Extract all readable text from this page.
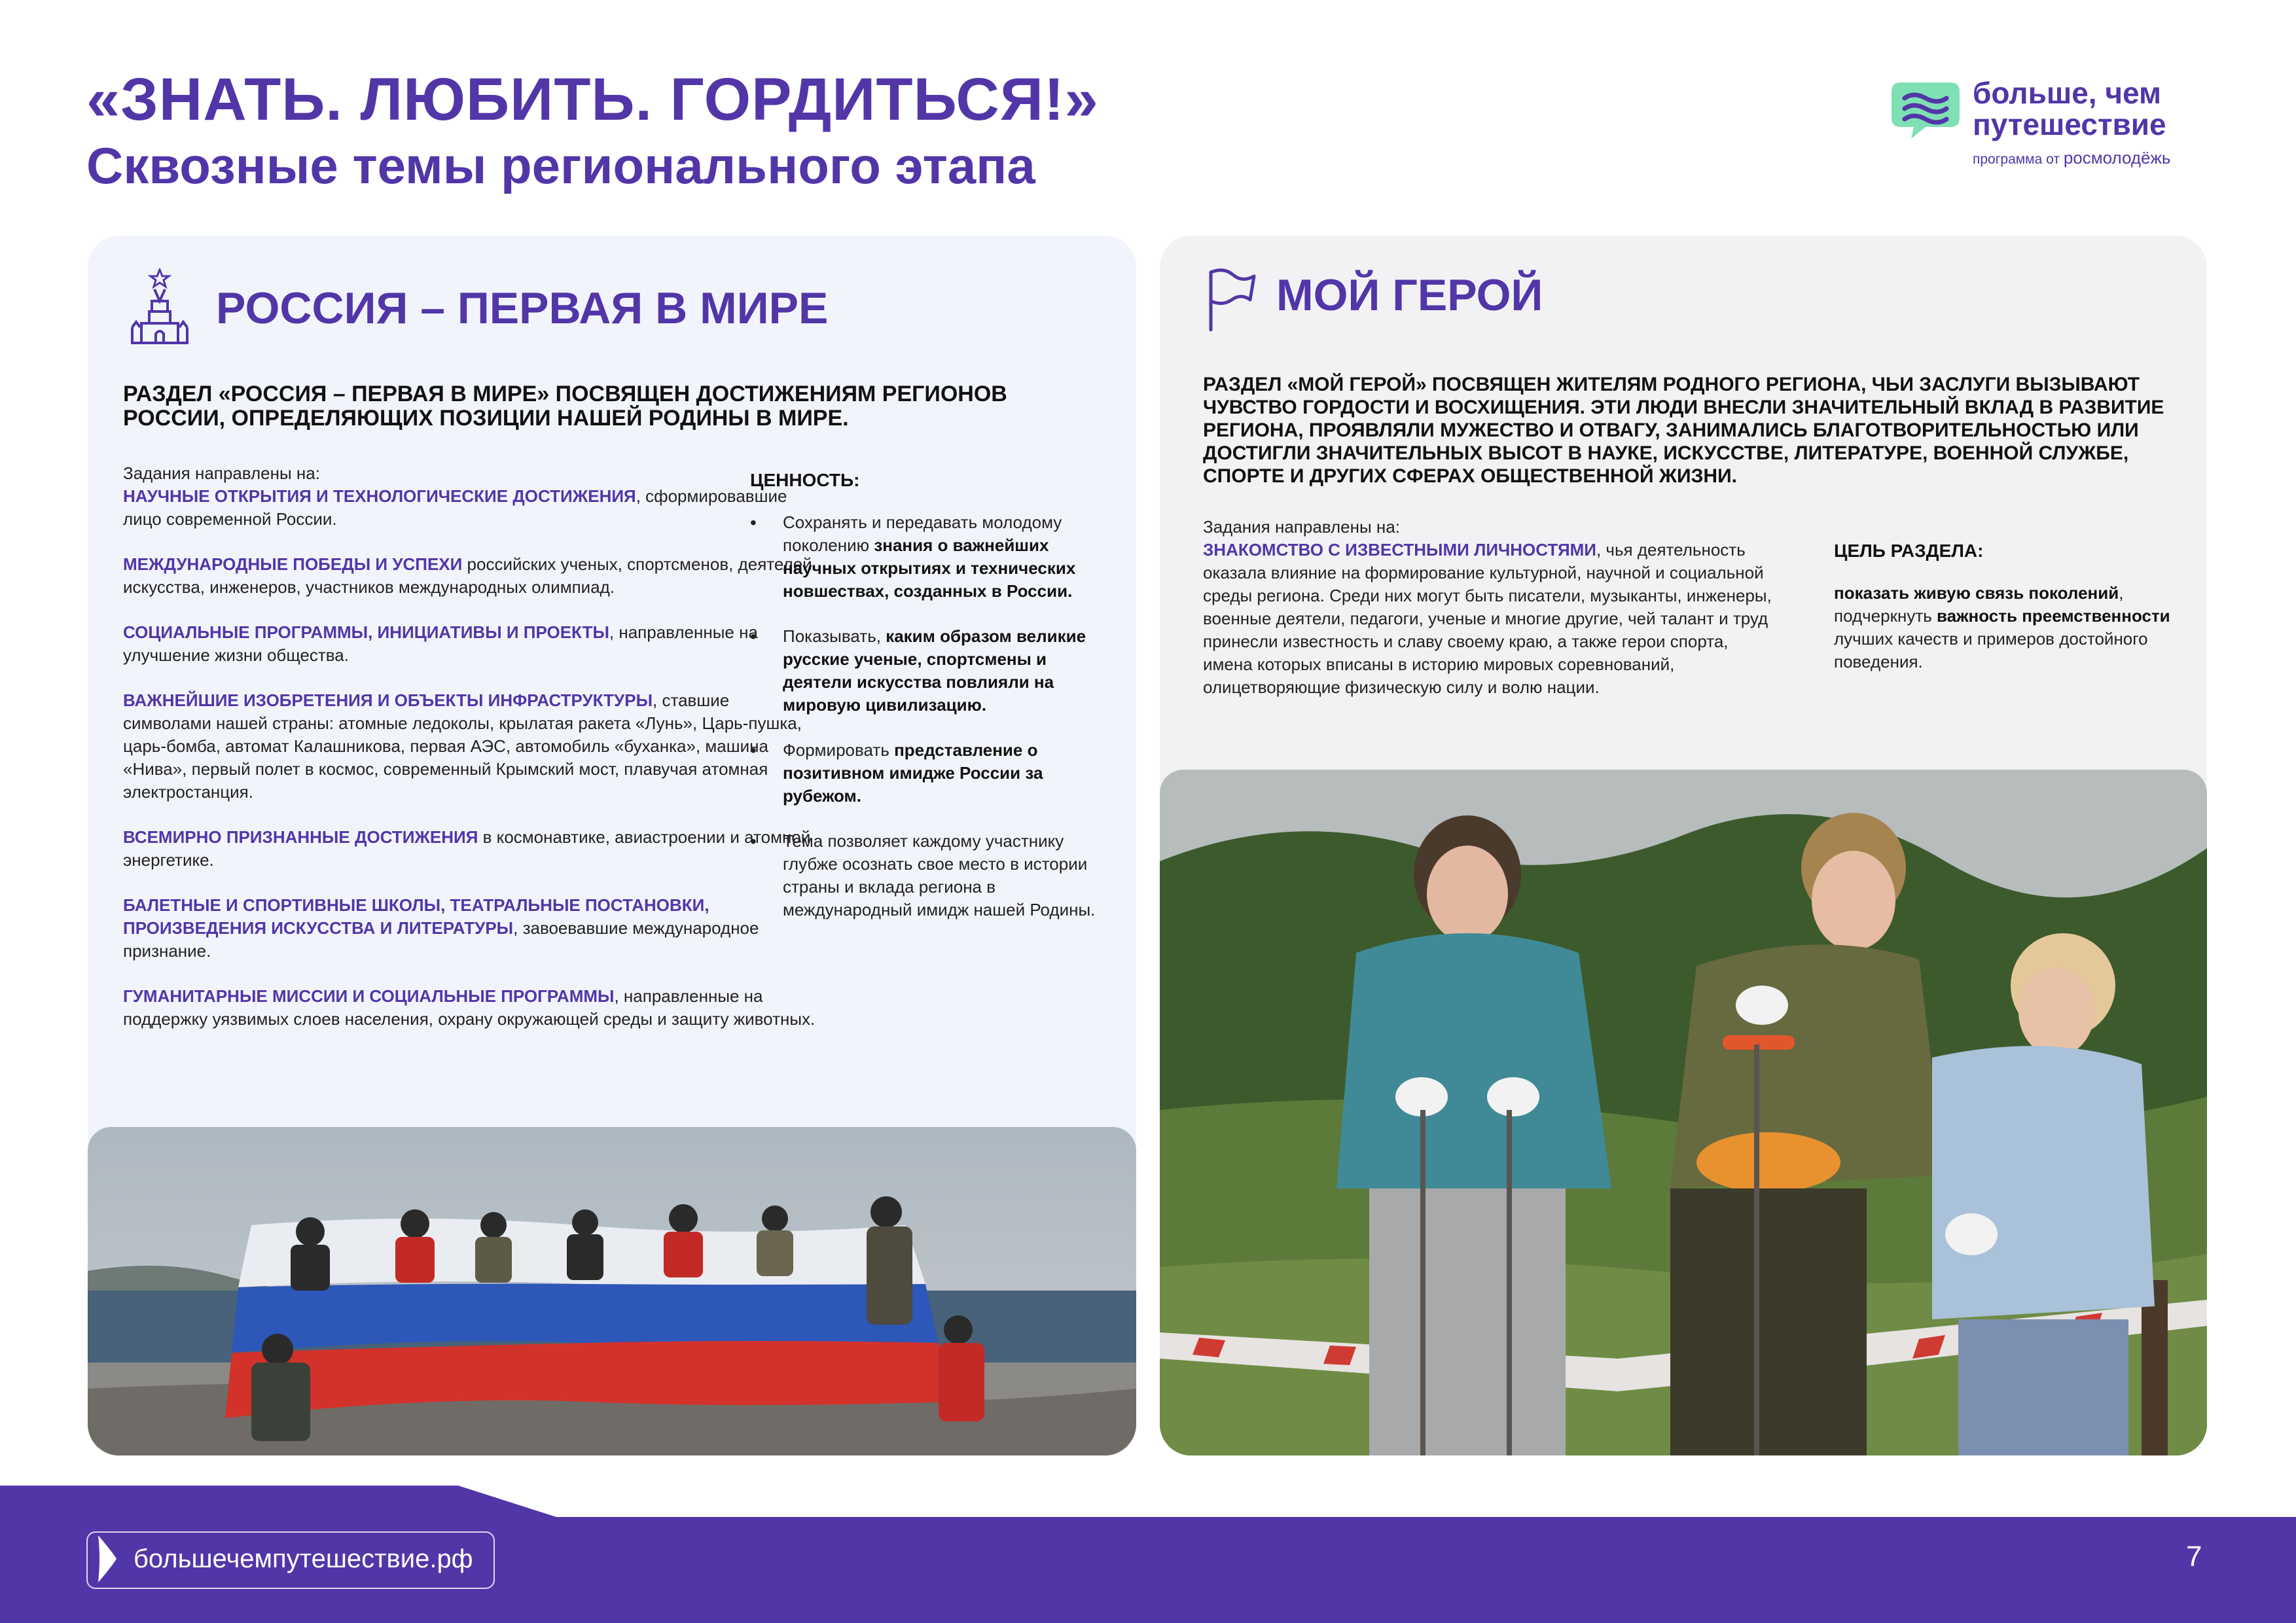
«ЗНАТЬ. ЛЮБИТЬ. ГОРДИТЬСЯ!»
Сквозные темы регионального этапа
больше, чем
путешествие
программа от росмолодёжь
РОССИЯ – ПЕРВАЯ В МИРЕ
РАЗДЕЛ «РОССИЯ – ПЕРВАЯ В МИРЕ» ПОСВЯЩЕН ДОСТИЖЕНИЯМ РЕГИОНОВ РОССИИ, ОПРЕДЕЛЯЮЩИХ ПОЗИЦИИ НАШЕЙ РОДИНЫ В МИРЕ.
Задания направлены на:

НАУЧНЫЕ ОТКРЫТИЯ И ТЕХНОЛОГИЧЕСКИЕ ДОСТИЖЕНИЯ, сформировавшие лицо современной России.

МЕЖДУНАРОДНЫЕ ПОБЕДЫ И УСПЕХИ российских ученых, спортсменов, деятелей искусства, инженеров, участников международных олимпиад.

СОЦИАЛЬНЫЕ ПРОГРАММЫ, ИНИЦИАТИВЫ И ПРОЕКТЫ, направленные на улучшение жизни общества.

ВАЖНЕЙШИЕ ИЗОБРЕТЕНИЯ И ОБЪЕКТЫ ИНФРАСТРУКТУРЫ, ставшие символами нашей страны: атомные ледоколы, крылатая ракета «Лунь», Царь-пушка, царь-бомба, автомат Калашникова, первая АЭС, автомобиль «буханка», машина «Нива», первый полет в космос, современный Крымский мост, плавучая атомная электростанция.

ВСЕМИРНО ПРИЗНАННЫЕ ДОСТИЖЕНИЯ в космонавтике, авиастроении и атомной энергетике.

БАЛЕТНЫЕ И СПОРТИВНЫЕ ШКОЛЫ, ТЕАТРАЛЬНЫЕ ПОСТАНОВКИ, ПРОИЗВЕДЕНИЯ ИСКУССТВА И ЛИТЕРАТУРЫ, завоевавшие международное признание.

ГУМАНИТАРНЫЕ МИССИИ И СОЦИАЛЬНЫЕ ПРОГРАММЫ, направленные на поддержку уязвимых слоев населения, охрану окружающей среды и защиту животных.

ЦЕННОСТЬ:
• Сохранять и передавать молодому поколению знания о важнейших научных открытиях и технических новшествах, созданных в России.
• Показывать, каким образом великие русские ученые, спортсмены и деятели искусства повлияли на мировую цивилизацию.
• Формировать представление о позитивном имидже России за рубежом.
• Тема позволяет каждому участнику глубже осознать свое место в истории страны и вклада региона в международный имидж нашей Родины.
МОЙ ГЕРОЙ
РАЗДЕЛ «МОЙ ГЕРОЙ» ПОСВЯЩЕН ЖИТЕЛЯМ РОДНОГО РЕГИОНА, ЧЬИ ЗАСЛУГИ ВЫЗЫВАЮТ ЧУВСТВО ГОРДОСТИ И ВОСХИЩЕНИЯ. ЭТИ ЛЮДИ ВНЕСЛИ ЗНАЧИТЕЛЬНЫЙ ВКЛАД В РАЗВИТИЕ РЕГИОНА, ПРОЯВЛЯЛИ МУЖЕСТВО И ОТВАГУ, ЗАНИМАЛИСЬ БЛАГОТВОРИТЕЛЬНОСТЬЮ ИЛИ ДОСТИГЛИ ЗНАЧИТЕЛЬНЫХ ВЫСОТ В НАУКЕ, ИСКУССТВЕ, ЛИТЕРАТУРЕ, ВОЕННОЙ СЛУЖБЕ, СПОРТЕ И ДРУГИХ СФЕРАХ ОБЩЕСТВЕННОЙ ЖИЗНИ.
Задания направлены на:
ЗНАКОМСТВО С ИЗВЕСТНЫМИ ЛИЧНОСТЯМИ, чья деятельность оказала влияние на формирование культурной, научной и социальной среды региона. Среди них могут быть писатели, музыканты, инженеры, военные деятели, педагоги, ученые и многие другие, чей талант и труд принесли известность и славу своему краю, а также герои спорта, имена которых вписаны в историю мировых соревнований, олицетворяющие физическую силу и волю нации.
ЦЕЛЬ РАЗДЕЛА:
показать живую связь поколений, подчеркнуть важность преемственности лучших качеств и примеров достойного поведения.
большечемпутешествие.рф	7
